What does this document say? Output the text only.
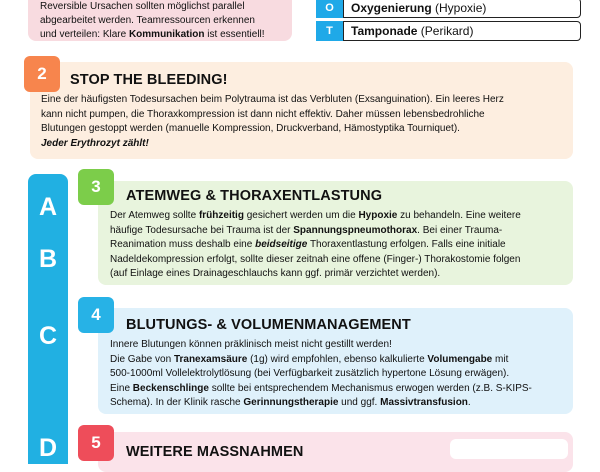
Reversible Ursachen sollten möglichst parallel
abgearbeitet werden. Teamressourcen erkennen
und verteilen: Klare Kommunikation ist essentiell!

O	Oxygenierung (Hypoxie)
T	Tamponade (Perikard)
2	STOP THE BLEEDING!
Eine der häufigsten Todesursachen beim Polytrauma ist das Verbluten (Exsanguination). Ein leeres Herz
kann nicht pumpen, die Thoraxkompression ist dann nicht effektiv. Daher müssen lebensbedrohliche
Blutungen gestoppt werden (manuelle Kompression, Druckverband, Hämostyptika Tourniquet).
Jeder Erythrozyt zählt!
A
B
C
D
3	ATEMWEG & THORAXENTLASTUNG
Der Atemweg sollte frühzeitig gesichert werden um die Hypoxie zu behandeln. Eine weitere
häufige Todesursache bei Trauma ist der Spannungspneumothorax. Bei einer Trauma-
Reanimation muss deshalb eine beidseitige Thoraxentlastung erfolgen. Falls eine initiale
Nadeldekompression erfolgt, sollte dieser zeitnah eine offene (Finger-) Thorakostomie folgen
(auf Einlage eines Drainageschlauchs kann ggf. primär verzichtet werden).
4
BLUTUNGS- & VOLUMENMANAGEMENT
Innere Blutungen können präklinisch meist nicht gestillt werden!
Die Gabe von Tranexamsäure (1g) wird empfohlen, ebenso kalkulierte Volumengabe mit
500-1000ml Vollelektrolytlösung (bei Verfügbarkeit zusätzlich hypertone Lösung erwägen).
Eine Beckenschlinge sollte bei entsprechendem Mechanismus erwogen werden (z.B. S-KIPS-
Schema). In der Klinik rasche Gerinnungstherapie und ggf. Massivtransfusion.
5	WEITERE MASSNAHMEN
